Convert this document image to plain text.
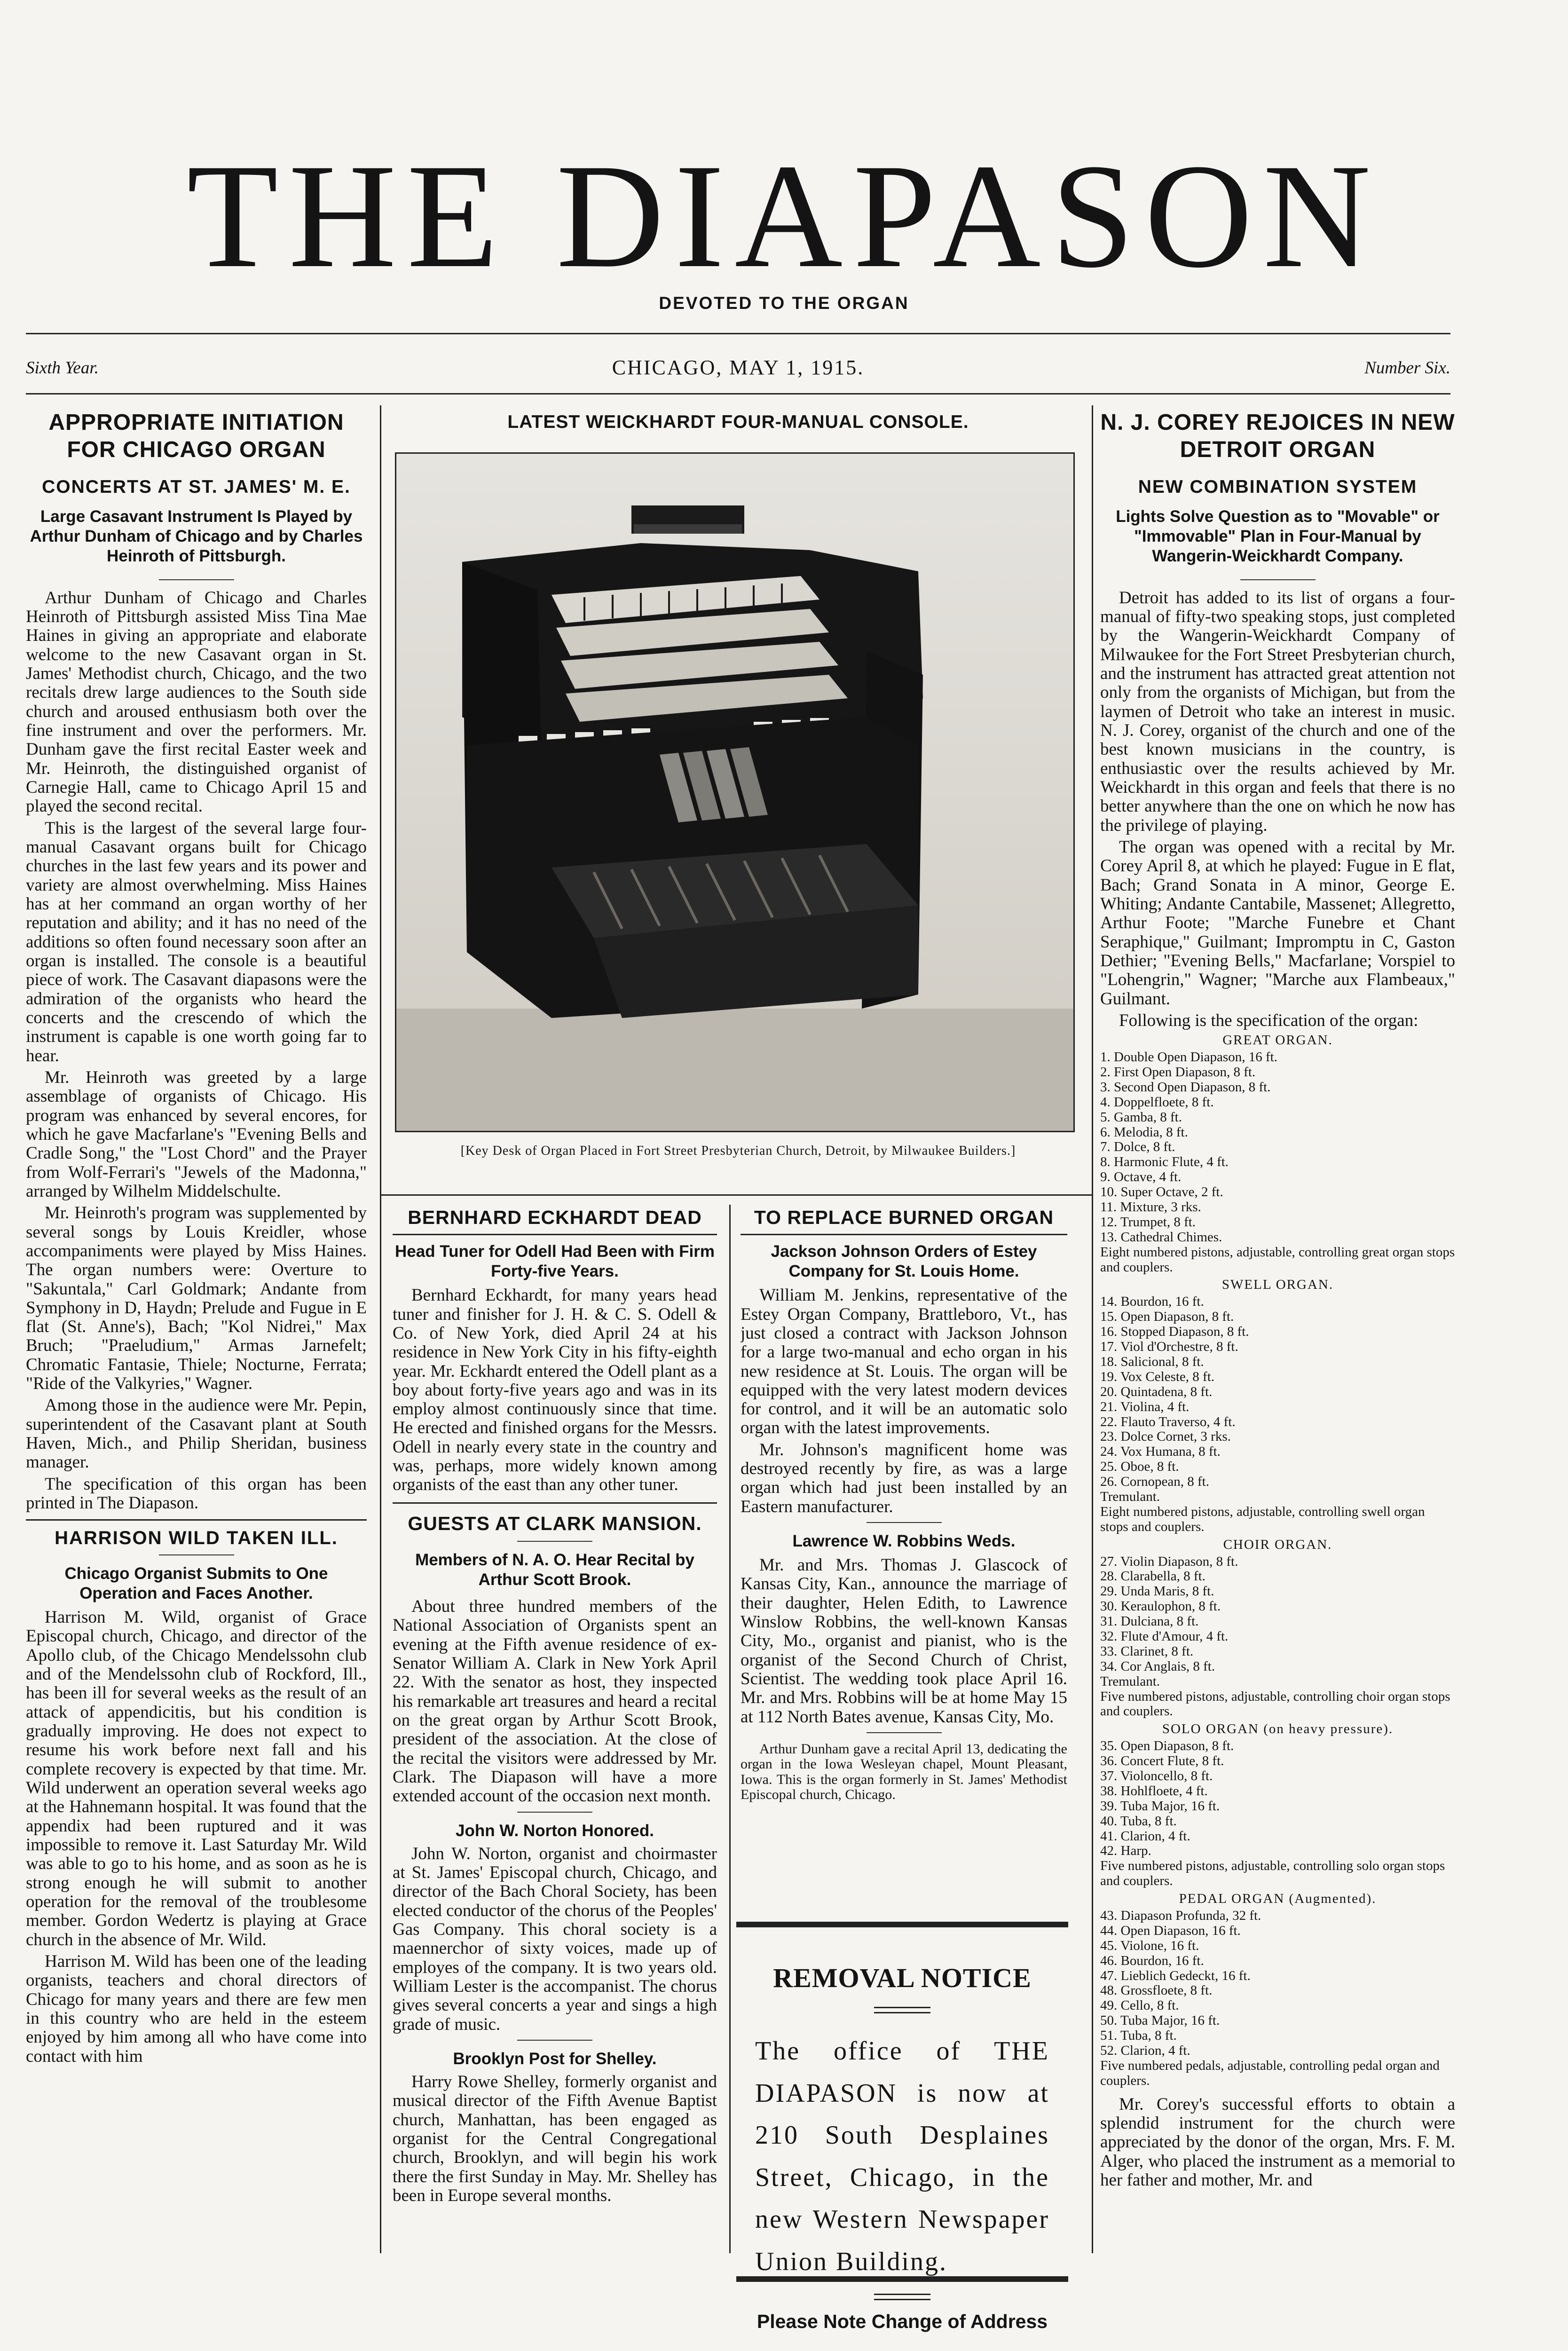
THE DIAPASON
DEVOTED TO THE ORGAN
Sixth Year.	CHICAGO, MAY 1, 1915.	Number Six.
APPROPRIATE INITIATION FOR CHICAGO ORGAN
CONCERTS AT ST. JAMES' M. E.
Large Casavant Instrument Is Played by Arthur Dunham of Chicago and by Charles Heinroth of Pittsburgh.

Arthur Dunham of Chicago and Charles Heinroth of Pittsburgh assisted Miss Tina Mae Haines in giving an appropriate and elaborate welcome to the new Casavant organ in St. James' Methodist church, Chicago, and the two recitals drew large audiences to the South side church and aroused enthusiasm both over the fine instrument and over the performers. Mr. Dunham gave the first recital Easter week and Mr. Heinroth, the distinguished organist of Carnegie Hall, came to Chicago April 15 and played the second recital.

This is the largest of the several large four-manual Casavant organs built for Chicago churches in the last few years and its power and variety are almost overwhelming. Miss Haines has at her command an organ worthy of her reputation and ability; and it has no need of the additions so often found necessary soon after an organ is installed. The console is a beautiful piece of work. The Casavant diapasons were the admiration of the organists who heard the concerts and the crescendo of which the instrument is capable is one worth going far to hear.

Mr. Heinroth was greeted by a large assemblage of organists of Chicago. His program was enhanced by several encores, for which he gave Macfarlane's "Evening Bells and Cradle Song," the "Lost Chord" and the Prayer from Wolf-Ferrari's "Jewels of the Madonna," arranged by Wilhelm Middelschulte.

Mr. Heinroth's program was supplemented by several songs by Louis Kreidler, whose accompaniments were played by Miss Haines. The organ numbers were: Overture to "Sakuntala," Carl Goldmark; Andante from Symphony in D, Haydn; Prelude and Fugue in E flat (St. Anne's), Bach; "Kol Nidrei," Max Bruch; "Praeludium," Armas Jarnefelt; Chromatic Fantasie, Thiele; Nocturne, Ferrata; "Ride of the Valkyries," Wagner.

Among those in the audience were Mr. Pepin, superintendent of the Casavant plant at South Haven, Mich., and Philip Sheridan, business manager.

The specification of this organ has been printed in The Diapason.

HARRISON WILD TAKEN ILL.
Chicago Organist Submits to One Operation and Faces Another.

Harrison M. Wild, organist of Grace Episcopal church, Chicago, and director of the Apollo club, of the Chicago Mendelssohn club and of the Mendelssohn club of Rockford, Ill., has been ill for several weeks as the result of an attack of appendicitis, but his condition is gradually improving. He does not expect to resume his work before next fall and his complete recovery is expected by that time. Mr. Wild underwent an operation several weeks ago at the Hahnemann hospital. It was found that the appendix had been ruptured and it was impossible to remove it. Last Saturday Mr. Wild was able to go to his home, and as soon as he is strong enough he will submit to another operation for the removal of the troublesome member. Gordon Wedertz is playing at Grace church in the absence of Mr. Wild.

Harrison M. Wild has been one of the leading organists, teachers and choral directors of Chicago for many years and there are few men in this country who are held in the esteem enjoyed by him among all who have come into contact with him

LATEST WEICKHARDT FOUR-MANUAL CONSOLE.
[Key Desk of Organ Placed in Fort Street Presbyterian Church, Detroit, by Milwaukee Builders.]
BERNHARD ECKHARDT DEAD
Head Tuner for Odell Had Been with Firm Forty-five Years.

Bernhard Eckhardt, for many years head tuner and finisher for J. H. & C. S. Odell & Co. of New York, died April 24 at his residence in New York City in his fifty-eighth year. Mr. Eckhardt entered the Odell plant as a boy about forty-five years ago and was in its employ almost continuously since that time. He erected and finished organs for the Messrs. Odell in nearly every state in the country and was, perhaps, more widely known among organists of the east than any other tuner.

GUESTS AT CLARK MANSION.
Members of N. A. O. Hear Recital by Arthur Scott Brook.

About three hundred members of the National Association of Organists spent an evening at the Fifth avenue residence of ex-Senator William A. Clark in New York April 22. With the senator as host, they inspected his remarkable art treasures and heard a recital on the great organ by Arthur Scott Brook, president of the association. At the close of the recital the visitors were addressed by Mr. Clark. The Diapason will have a more extended account of the occasion next month.

John W. Norton Honored.

John W. Norton, organist and choirmaster at St. James' Episcopal church, Chicago, and director of the Bach Choral Society, has been elected conductor of the chorus of the Peoples' Gas Company. This choral society is a maennerchor of sixty voices, made up of employes of the company. It is two years old. William Lester is the accompanist. The chorus gives several concerts a year and sings a high grade of music.

Brooklyn Post for Shelley.

Harry Rowe Shelley, formerly organist and musical director of the Fifth Avenue Baptist church, Manhattan, has been engaged as organist for the Central Congregational church, Brooklyn, and will begin his work there the first Sunday in May. Mr. Shelley has been in Europe several months.

TO REPLACE BURNED ORGAN
Jackson Johnson Orders of Estey Company for St. Louis Home.

William M. Jenkins, representative of the Estey Organ Company, Brattleboro, Vt., has just closed a contract with Jackson Johnson for a large two-manual and echo organ in his new residence at St. Louis. The organ will be equipped with the very latest modern devices for control, and it will be an automatic solo organ with the latest improvements.

Mr. Johnson's magnificent home was destroyed recently by fire, as was a large organ which had just been installed by an Eastern manufacturer.

Lawrence W. Robbins Weds.

Mr. and Mrs. Thomas J. Glascock of Kansas City, Kan., announce the marriage of their daughter, Helen Edith, to Lawrence Winslow Robbins, the well-known Kansas City, Mo., organist and pianist, who is the organist of the Second Church of Christ, Scientist. The wedding took place April 16. Mr. and Mrs. Robbins will be at home May 15 at 112 North Bates avenue, Kansas City, Mo.

Arthur Dunham gave a recital April 13, dedicating the organ in the Iowa Wesleyan chapel, Mount Pleasant, Iowa. This is the organ formerly in St. James' Methodist Episcopal church, Chicago.

REMOVAL NOTICE
The office of THE DIAPASON is now at 210 South Desplaines Street, Chicago, in the new Western Newspaper Union Building.
Please Note Change of Address
N. J. COREY REJOICES IN NEW DETROIT ORGAN
NEW COMBINATION SYSTEM
Lights Solve Question as to "Movable" or "Immovable" Plan in Four-Manual by Wangerin-Weickhardt Company.

Detroit has added to its list of organs a four-manual of fifty-two speaking stops, just completed by the Wangerin-Weickhardt Company of Milwaukee for the Fort Street Presbyterian church, and the instrument has attracted great attention not only from the organists of Michigan, but from the laymen of Detroit who take an interest in music. N. J. Corey, organist of the church and one of the best known musicians in the country, is enthusiastic over the results achieved by Mr. Weickhardt in this organ and feels that there is no better anywhere than the one on which he now has the privilege of playing.

The organ was opened with a recital by Mr. Corey April 8, at which he played: Fugue in E flat, Bach; Grand Sonata in A minor, George E. Whiting; Andante Cantabile, Massenet; Allegretto, Arthur Foote; "Marche Funebre et Chant Seraphique," Guilmant; Impromptu in C, Gaston Dethier; "Evening Bells," Macfarlane; Vorspiel to "Lohengrin," Wagner; "Marche aux Flambeaux," Guilmant.

Following is the specification of the organ:

GREAT ORGAN.
1. Double Open Diapason, 16 ft.
2. First Open Diapason, 8 ft.
3. Second Open Diapason, 8 ft.
4. Doppelfloete, 8 ft.
5. Gamba, 8 ft.
6. Melodia, 8 ft.
7. Dolce, 8 ft.
8. Harmonic Flute, 4 ft.
9. Octave, 4 ft.
10. Super Octave, 2 ft.
11. Mixture, 3 rks.
12. Trumpet, 8 ft.
13. Cathedral Chimes.
Eight numbered pistons, adjustable, controlling great organ stops and couplers.
SWELL ORGAN.
14. Bourdon, 16 ft.
15. Open Diapason, 8 ft.
16. Stopped Diapason, 8 ft.
17. Viol d'Orchestre, 8 ft.
18. Salicional, 8 ft.
19. Vox Celeste, 8 ft.
20. Quintadena, 8 ft.
21. Violina, 4 ft.
22. Flauto Traverso, 4 ft.
23. Dolce Cornet, 3 rks.
24. Vox Humana, 8 ft.
25. Oboe, 8 ft.
26. Cornopean, 8 ft.
Tremulant.
Eight numbered pistons, adjustable, controlling swell organ stops and couplers.
CHOIR ORGAN.
27. Violin Diapason, 8 ft.
28. Clarabella, 8 ft.
29. Unda Maris, 8 ft.
30. Keraulophon, 8 ft.
31. Dulciana, 8 ft.
32. Flute d'Amour, 4 ft.
33. Clarinet, 8 ft.
34. Cor Anglais, 8 ft.
Tremulant.
Five numbered pistons, adjustable, controlling choir organ stops and couplers.
SOLO ORGAN (on heavy pressure).
35. Open Diapason, 8 ft.
36. Concert Flute, 8 ft.
37. Violoncello, 8 ft.
38. Hohlfloete, 4 ft.
39. Tuba Major, 16 ft.
40. Tuba, 8 ft.
41. Clarion, 4 ft.
42. Harp.
Five numbered pistons, adjustable, controlling solo organ stops and couplers.
PEDAL ORGAN (Augmented).
43. Diapason Profunda, 32 ft.
44. Open Diapason, 16 ft.
45. Violone, 16 ft.
46. Bourdon, 16 ft.
47. Lieblich Gedeckt, 16 ft.
48. Grossfloete, 8 ft.
49. Cello, 8 ft.
50. Tuba Major, 16 ft.
51. Tuba, 8 ft.
52. Clarion, 4 ft.
Five numbered pedals, adjustable, controlling pedal organ and couplers.

Mr. Corey's successful efforts to obtain a splendid instrument for the church were appreciated by the donor of the organ, Mrs. F. M. Alger, who placed the instrument as a memorial to her father and mother, Mr. and
